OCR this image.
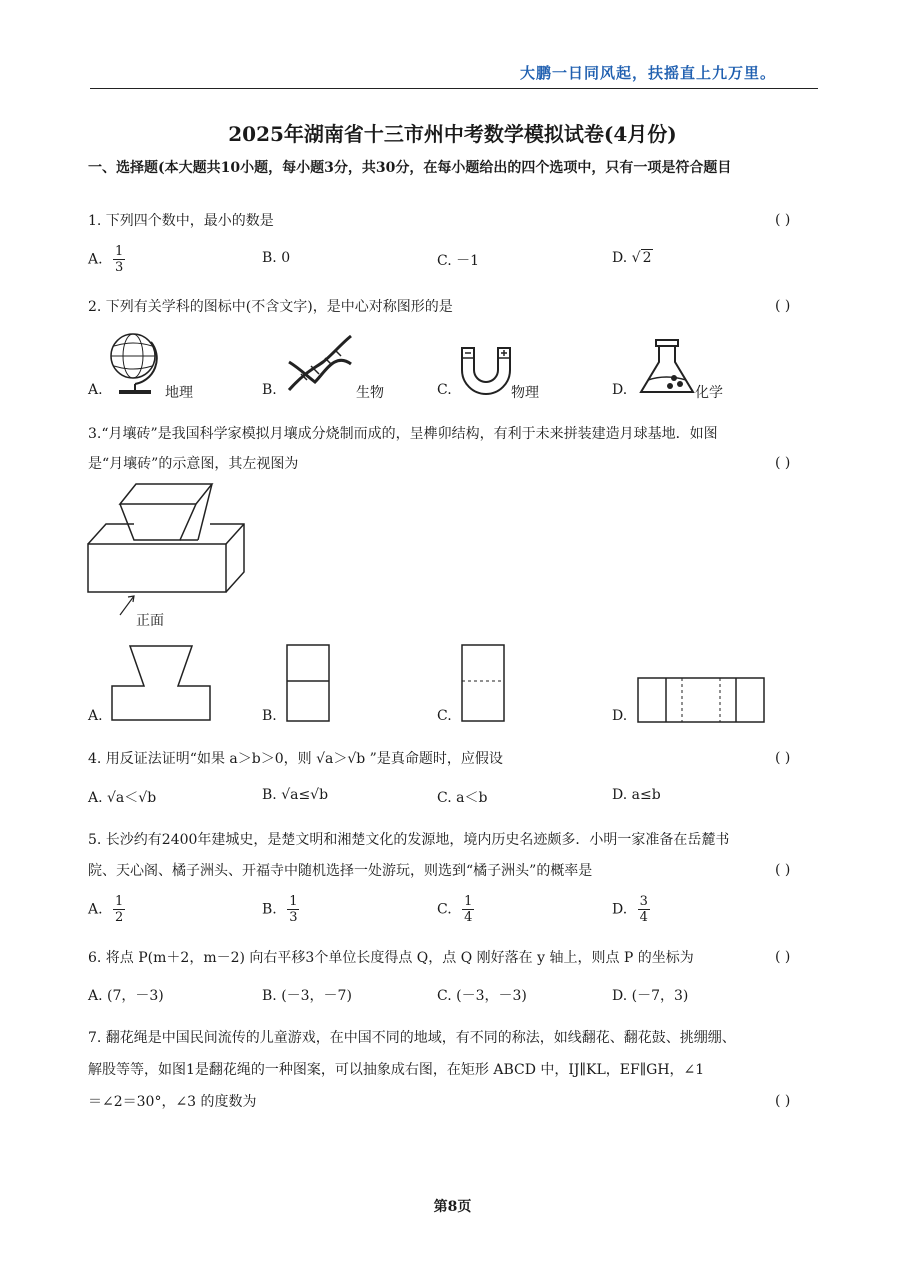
大鹏一日同风起，扶摇直上九万里。
2025年湖南省十三市州中考数学模拟试卷(4月份)
一、选择题(本大题共10小题，每小题3分，共30分，在每小题给出的四个选项中，只有一项是符合题目
1. 下列四个数中，最小的数是	( )
A. $\frac{1}{3}$	B. 0	C. －1	D. √ 2
2. 下列有关学科的图标中(不含文字)，是中心对称图形的是	( )
A.	地理	B.	生物	C.	物理	D.	化学
3.“月壤砖”是我国科学家模拟月壤成分烧制而成的，呈榫卯结构，有利于未来拼装建造月球基地．如图
是“月壤砖”的示意图，其左视图为	( )
正面
A.	B.	C.	D.
4. 用反证法证明“如果 a＞b＞0，则 √a＞√b ”是真命题时，应假设	( )
A. √a＜√b	B. √a≤√b	C. a＜b	D. a≤b
5. 长沙约有2400年建城史，是楚文明和湘楚文化的发源地，境内历史名迹颇多．小明一家准备在岳麓书
院、天心阁、橘子洲头、开福寺中随机选择一处游玩，则选到“橘子洲头”的概率是	( )
A. $\frac{1}{2}$	B. $\frac{1}{3}$	C. $\frac{1}{4}$	D. $\frac{3}{4}$
6. 将点 P(m＋2，m－2) 向右平移3个单位长度得点 Q，点 Q 刚好落在 y 轴上，则点 P 的坐标为	( )
A. (7，－3)	B. (－3，－7)	C. (－3，－3)	D. (－7，3)
7. 翻花绳是中国民间流传的儿童游戏，在中国不同的地域，有不同的称法，如线翻花、翻花鼓、挑绷绷、
解股等等，如图1是翻花绳的一种图案，可以抽象成右图，在矩形 ABCD 中，IJ∥KL，EF∥GH，∠1
＝∠2＝30°，∠3 的度数为	( )
第8页
